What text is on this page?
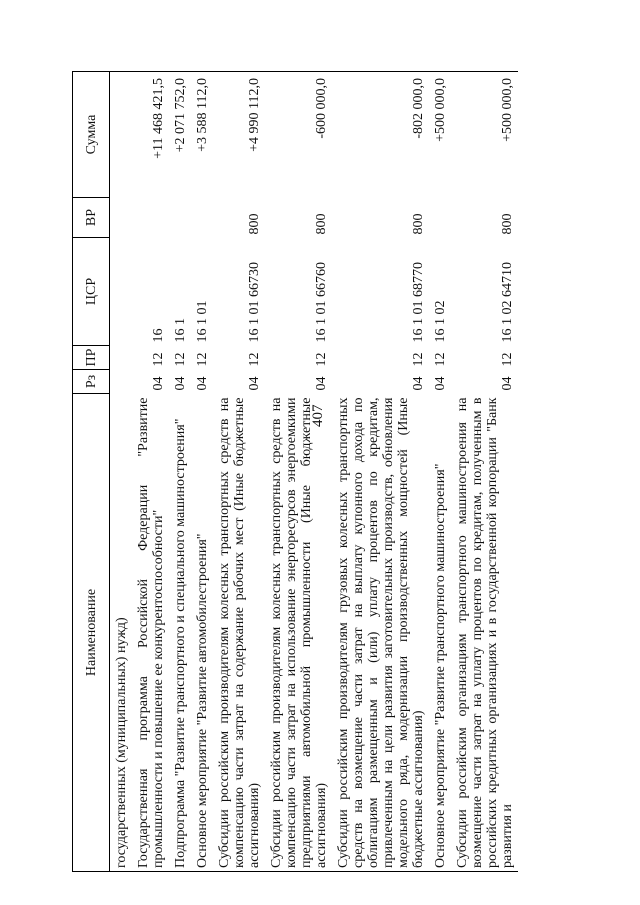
407
Наименование	Рз	ПР	ЦСР	ВР	Сумма
государственных (муниципальных) нужд)					
Государственная программа Российской Федерации "Развитие промышленности и повышение ее конкурентоспособности"	04	12	16		+11 468 421,5
Подпрограмма "Развитие транспортного и специального машиностроения"	04	12	16 1		+2 071 752,0
Основное мероприятие "Развитие автомобилестроения"	04	12	16 1 01		+3 588 112,0
Субсидии российским производителям колесных транспортных средств на компенсацию части затрат на содержание рабочих мест (Иные бюджетные ассигнования)	04	12	16 1 01 66730	800	+4 990 112,0
Субсидии российским производителям колесных транспортных средств на компенсацию части затрат на использование энергоресурсов энергоемкими предприятиями автомобильной промышленности (Иные бюджетные ассигнования)	04	12	16 1 01 66760	800	-600 000,0
Субсидии российским производителям грузовых колесных транспортных средств на возмещение части затрат на выплату купонного дохода по облигациям размещенным и (или) уплату процентов по кредитам, привлеченным на цели развития заготовительных производств, обновления модельного ряда, модернизации производственных мощностей (Иные бюджетные ассигнования)	04	12	16 1 01 68770	800	-802 000,0
Основное мероприятие "Развитие транспортного машиностроения"	04	12	16 1 02		+500 000,0
Субсидии российским организациям транспортного машиностроения на возмещение части затрат на уплату процентов по кредитам, полученным в российских кредитных организациях и в государственной корпорации "Банк развития и	04	12	16 1 02 64710	800	+500 000,0
